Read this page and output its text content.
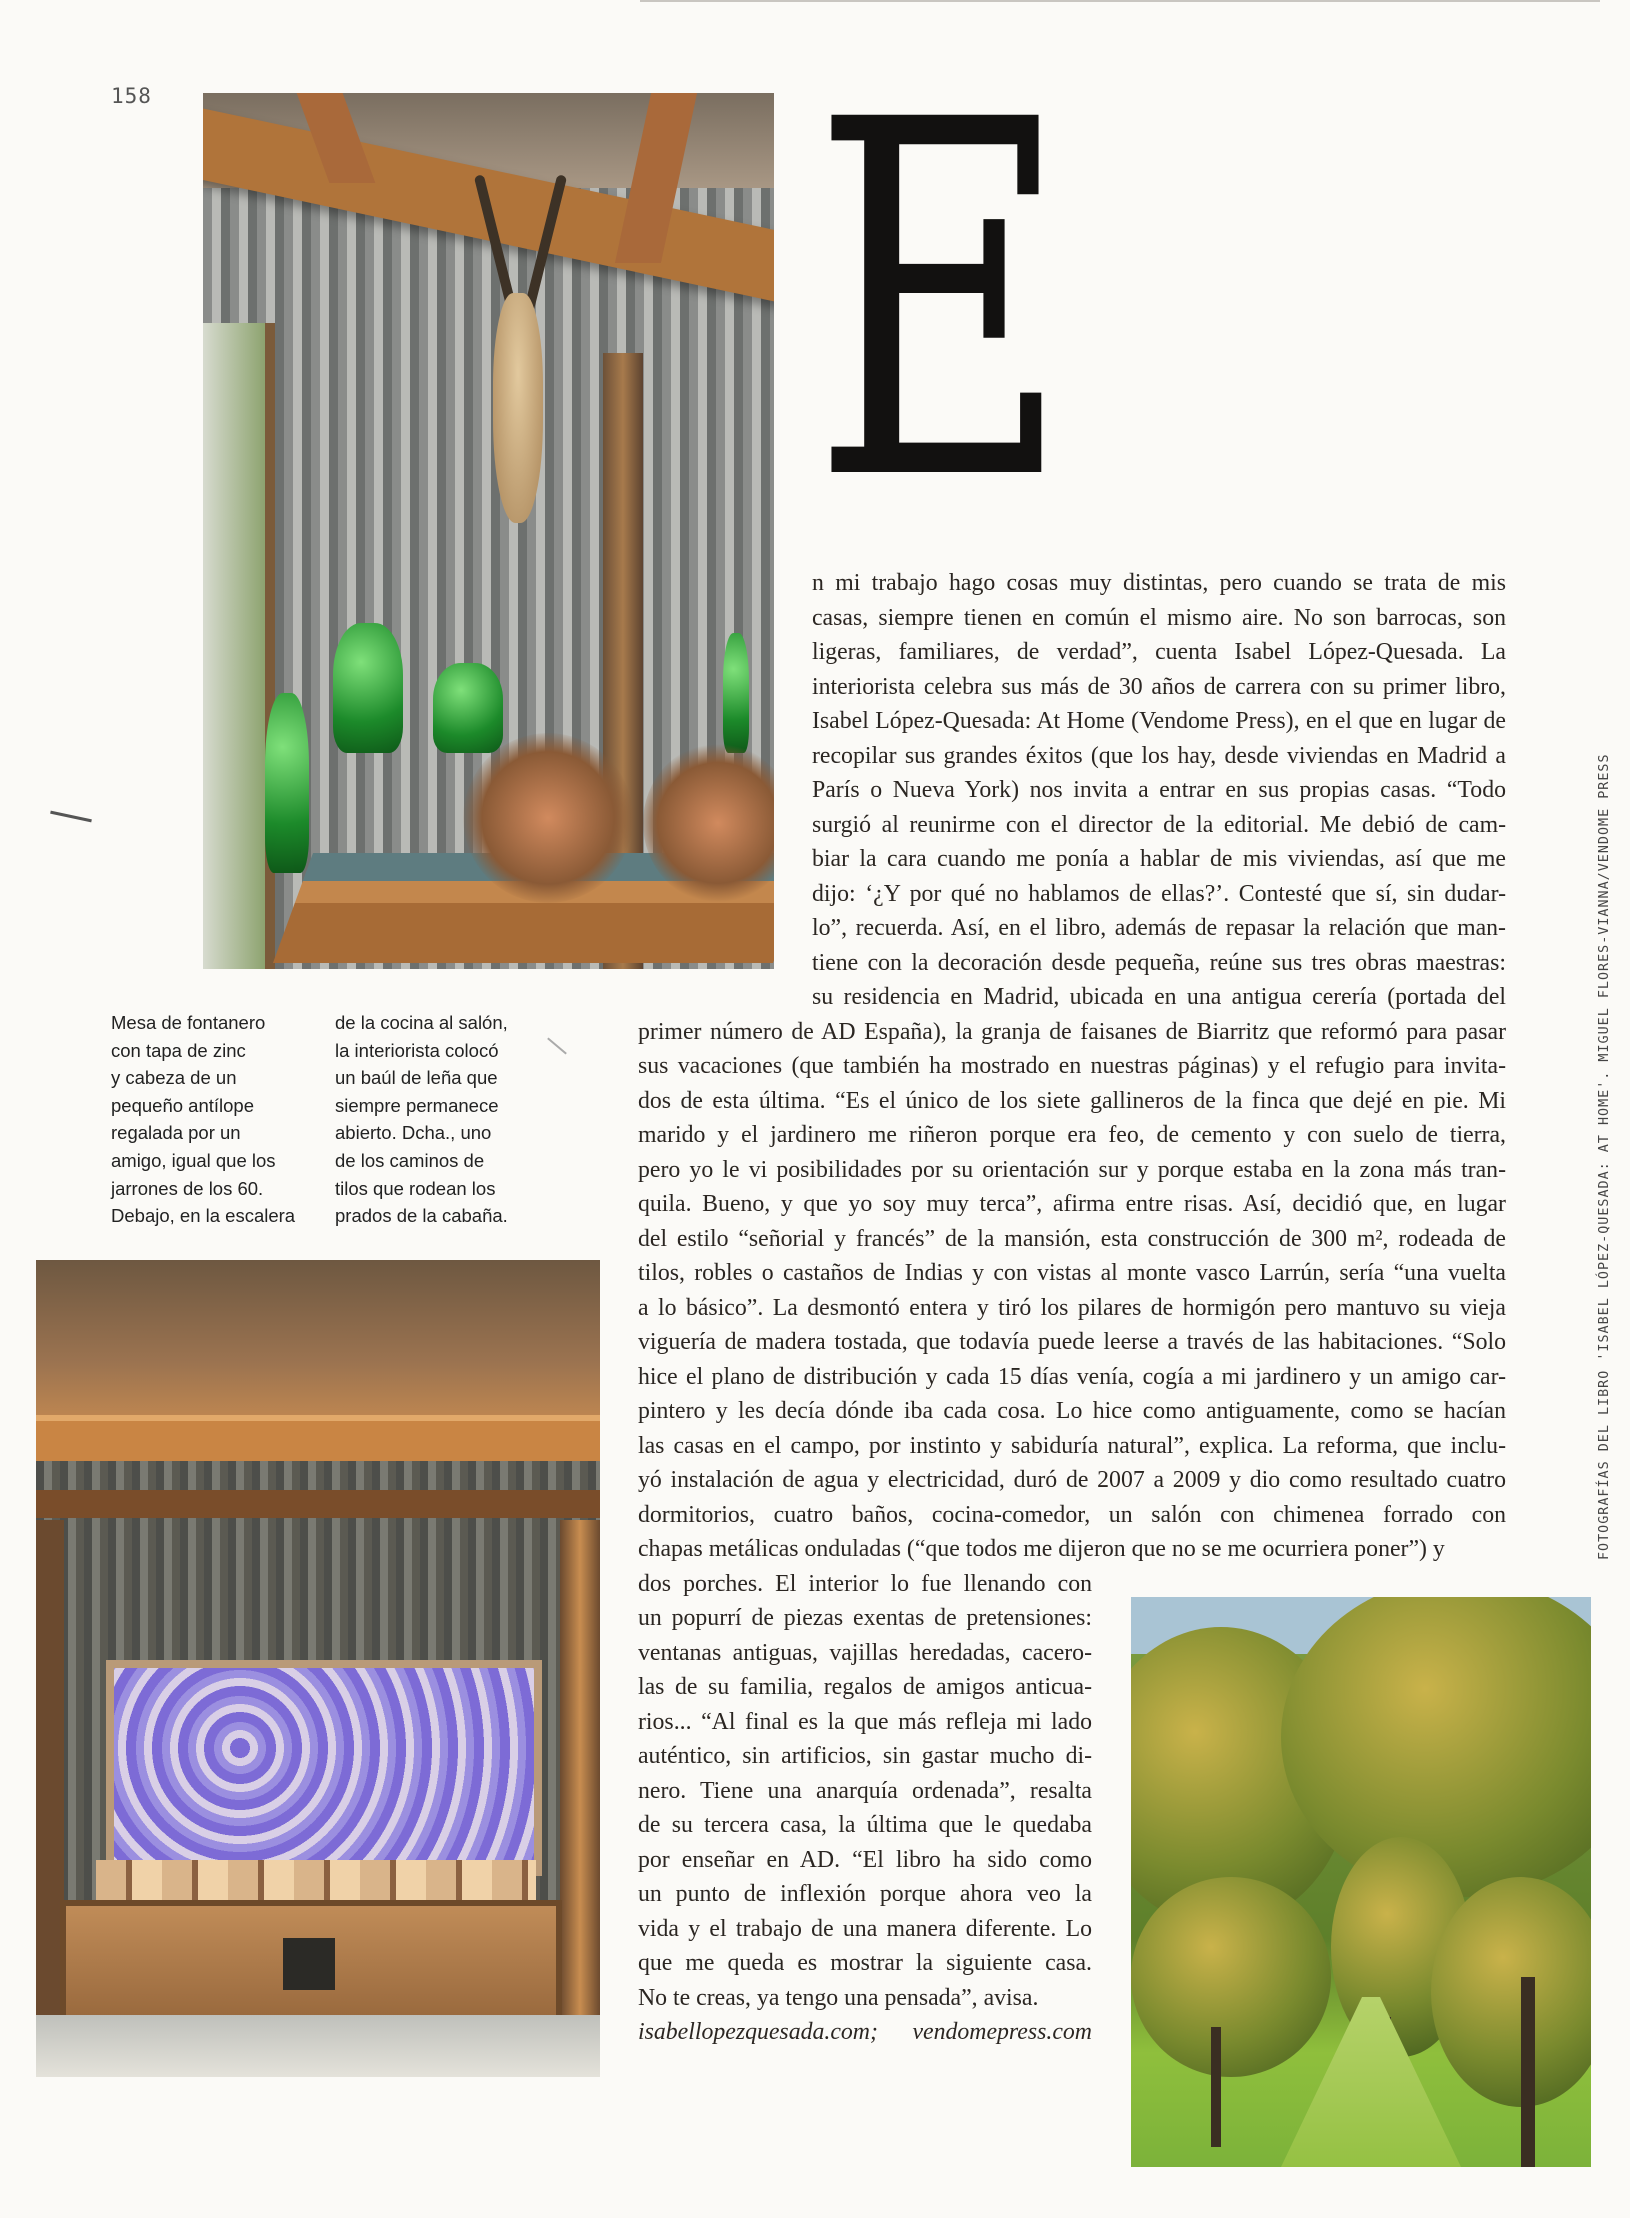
158
Mesa de fontanero
con tapa de zinc
y cabeza de un
pequeño antílope
regalada por un
amigo, igual que los
jarrones de los 60.
Debajo, en la escalera
de la cocina al salón,
la interiorista colocó
un baúl de leña que
siempre permanece
abierto. Dcha., uno
de los caminos de
tilos que rodean los
prados de la cabaña.
E
n mi trabajo hago cosas muy distintas, pero cuando se trata de mis
casas, siempre tienen en común el mismo aire. No son barrocas, son
ligeras, familiares, de verdad”, cuenta Isabel López-Quesada. La
interiorista celebra sus más de 30 años de carrera con su primer libro,
Isabel López-Quesada: At Home (Vendome Press), en el que en lugar de
recopilar sus grandes éxitos (que los hay, desde viviendas en Madrid a
París o Nueva York) nos invita a entrar en sus propias casas. “Todo
surgió al reunirme con el director de la editorial. Me debió de cam-
biar la cara cuando me ponía a hablar de mis viviendas, así que me
dijo: ‘¿Y por qué no hablamos de ellas?’. Contesté que sí, sin dudar-
lo”, recuerda. Así, en el libro, además de repasar la relación que man-
tiene con la decoración desde pequeña, reúne sus tres obras maestras:
su residencia en Madrid, ubicada en una antigua cerería (portada del
primer número de AD España), la granja de faisanes de Biarritz que reformó para pasar
sus vacaciones (que también ha mostrado en nuestras páginas) y el refugio para invita-
dos de esta última. “Es el único de los siete gallineros de la finca que dejé en pie. Mi
marido y el jardinero me riñeron porque era feo, de cemento y con suelo de tierra,
pero yo le vi posibilidades por su orientación sur y porque estaba en la zona más tran-
quila. Bueno, y que yo soy muy terca”, afirma entre risas. Así, decidió que, en lugar
del estilo “señorial y francés” de la mansión, esta construcción de 300 m², rodeada de
tilos, robles o castaños de Indias y con vistas al monte vasco Larrún, sería “una vuelta
a lo básico”. La desmontó entera y tiró los pilares de hormigón pero mantuvo su vieja
viguería de madera tostada, que todavía puede leerse a través de las habitaciones. “Solo
hice el plano de distribución y cada 15 días venía, cogía a mi jardinero y un amigo car-
pintero y les decía dónde iba cada cosa. Lo hice como antiguamente, como se hacían
las casas en el campo, por instinto y sabiduría natural”, explica. La reforma, que inclu-
yó instalación de agua y electricidad, duró de 2007 a 2009 y dio como resultado cuatro
dormitorios, cuatro baños, cocina-comedor, un salón con chimenea forrado con
chapas metálicas onduladas (“que todos me dijeron que no se me ocurriera poner”) y
dos porches. El interior lo fue llenando con
un popurrí de piezas exentas de pretensiones:
ventanas antiguas, vajillas heredadas, cacero-
las de su familia, regalos de amigos anticua-
rios... “Al final es la que más refleja mi lado
auténtico, sin artificios, sin gastar mucho di-
nero. Tiene una anarquía ordenada”, resalta
de su tercera casa, la última que le quedaba
por enseñar en AD. “El libro ha sido como
un punto de inflexión porque ahora veo la
vida y el trabajo de una manera diferente. Lo
que me queda es mostrar la siguiente casa.
No te creas, ya tengo una pensada”, avisa.
isabellopezquesada.com; vendomepress.com
FOTOGRAFÍAS DEL LIBRO 'ISABEL LÓPEZ-QUESADA: AT HOME'. MIGUEL FLORES-VIANNA/VENDOME PRESS
